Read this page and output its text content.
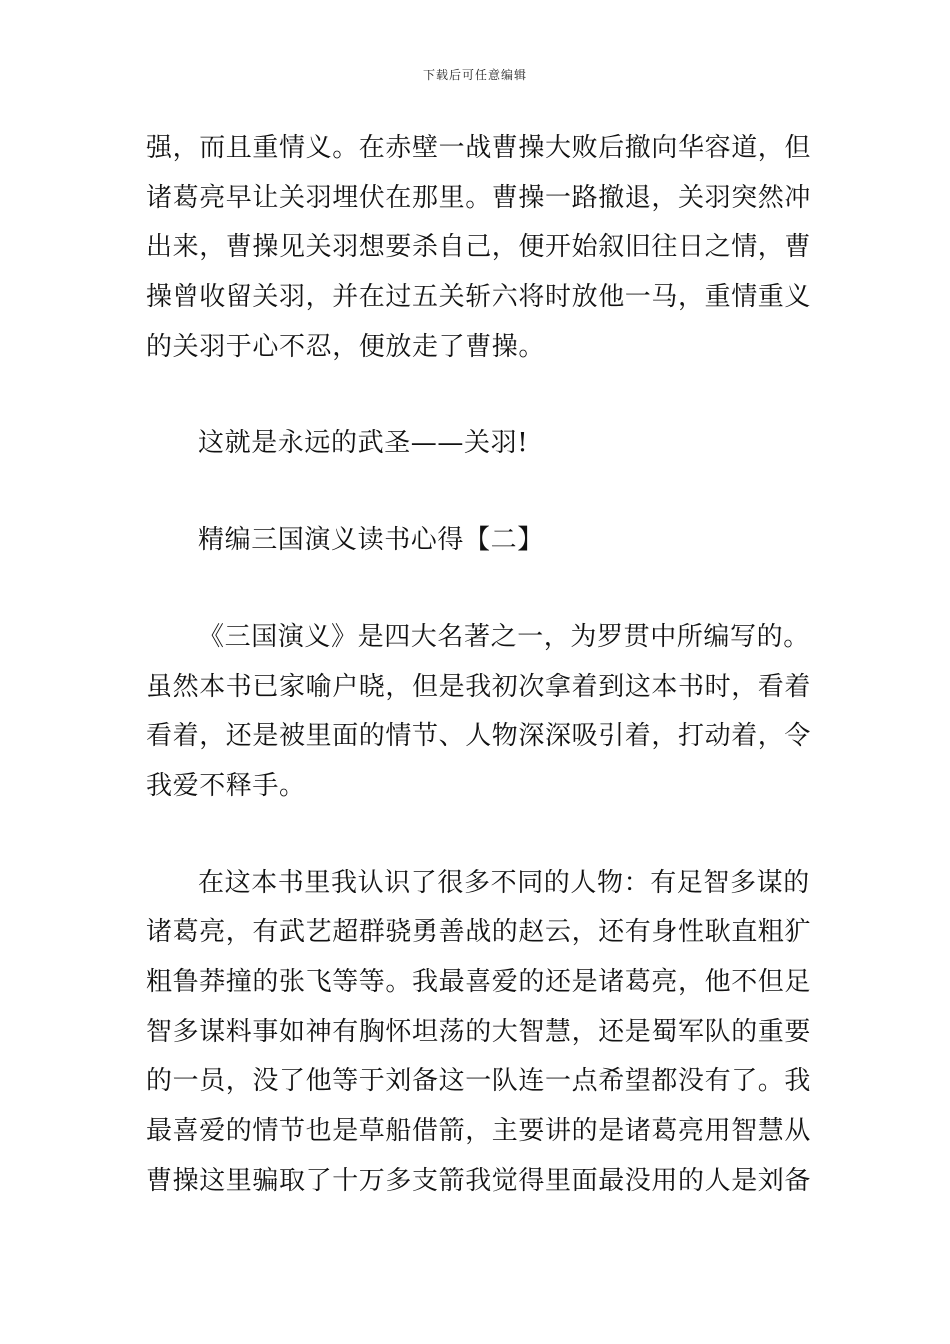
下载后可任意编辑
强，而且重情义。在赤壁一战曹操大败后撤向华容道，但
诸葛亮早让关羽埋伏在那里。曹操一路撤退，关羽突然冲
出来，曹操见关羽想要杀自己，便开始叙旧往日之情，曹
操曾收留关羽，并在过五关斩六将时放他一马，重情重义
的关羽于心不忍，便放走了曹操。
这就是永远的武圣——关羽!
精编三国演义读书心得【二】
《三国演义》是四大名著之一，为罗贯中所编写的。
虽然本书已家喻户晓，但是我初次拿着到这本书时，看着
看着，还是被里面的情节、人物深深吸引着，打动着，令
我爱不释手。
在这本书里我认识了很多不同的人物：有足智多谋的
诸葛亮，有武艺超群骁勇善战的赵云，还有身性耿直粗犷
粗鲁莽撞的张飞等等。我最喜爱的还是诸葛亮，他不但足
智多谋料事如神有胸怀坦荡的大智慧，还是蜀军队的重要
的一员，没了他等于刘备这一队连一点希望都没有了。我
最喜爱的情节也是草船借箭，主要讲的是诸葛亮用智慧从
曹操这里骗取了十万多支箭我觉得里面最没用的人是刘备
